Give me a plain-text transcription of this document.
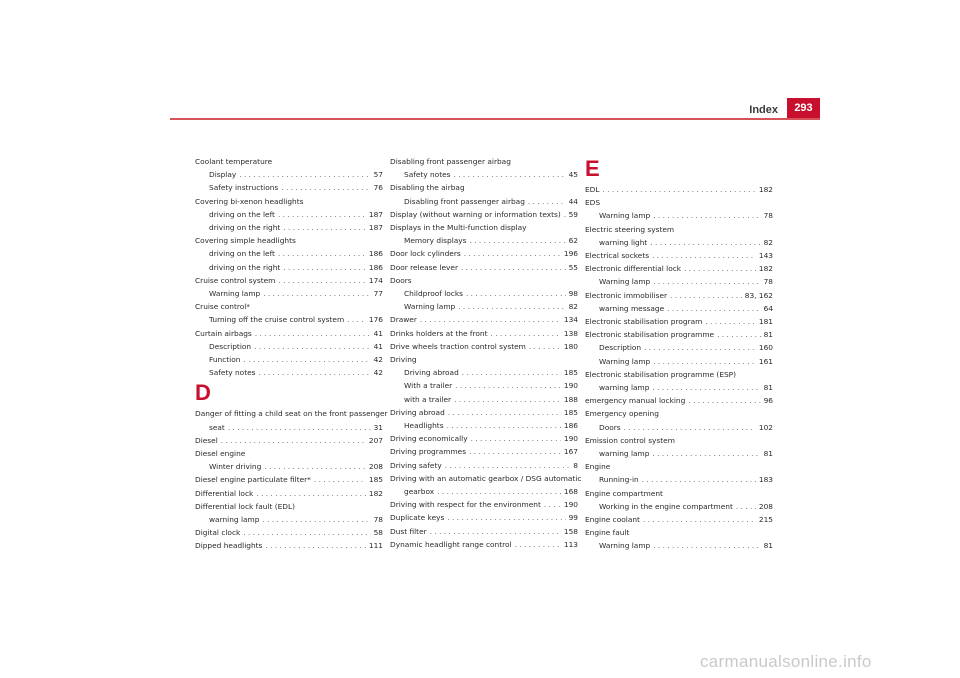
Index	293
Coolant temperature
Display . . .	57
Safety instructions . . .	76
Covering bi-xenon headlights
driving on the left . . .	187
driving on the right . . .	187
Covering simple headlights
driving on the left . . .	186
driving on the right . . .	186
Cruise control system . . .	174
Warning lamp . . .	77
Cruise control*
Turning off the cruise control system . . .	176
Curtain airbags . . .	41
Description . . .	41
Function . . .	42
Safety notes . . .	42
D
Danger of fitting a child seat on the front passenger
seat . . .	31
Diesel . . .	207
Diesel engine
Winter driving . . .	208
Diesel engine particulate filter* . . .	185
Differential lock . . .	182
Differential lock fault (EDL)
warning lamp . . .	78
Digital clock . . .	58
Dipped headlights . . .	111
Disabling front passenger airbag
Safety notes . . .	45
Disabling the airbag
Disabling front passenger airbag . . .	44
Display (without warning or information texts) . . . 59
Displays in the Multi-function display
Memory displays . . .	62
Door lock cylinders . . .	196
Door release lever . . .	55
Doors
Childproof locks . . .	98
Warning lamp . . .	82
Drawer . . .	134
Drinks holders at the front . . .	138
Drive wheels traction control system . . .	180
Driving
Driving abroad . . .	185
With a trailer . . .	190
with a trailer . . .	188
Driving abroad . . .	185
Headlights . . .	186
Driving economically . . .	190
Driving programmes . . .	167
Driving safety . . .	8
Driving with an automatic gearbox / DSG automatic
gearbox . . .	168
Driving with respect for the environment . . .	190
Duplicate keys . . .	99
Dust filter . . .	158
Dynamic headlight range control . . .	113
E
EDL . . .	182
EDS
Warning lamp . . .	78
Electric steering system
warning light . . .	82
Electrical sockets . . .	143
Electronic differential lock . . .	182
Warning lamp . . .	78
Electronic immobiliser . . .	83, 162
warning message . . .	64
Electronic stabilisation program . . .	181
Electronic stabilisation programme . . .	81
Description . . .	160
Warning lamp . . .	161
Electronic stabilisation programme (ESP)
warning lamp . . .	81
emergency manual locking . . .	96
Emergency opening
Doors . . .	102
Emission control system
warning lamp . . .	81
Engine
Running-in . . .	183
Engine compartment
Working in the engine compartment . . .	208
Engine coolant . . .	215
Engine fault
Warning lamp . . .	81
carmanualsonline.info
